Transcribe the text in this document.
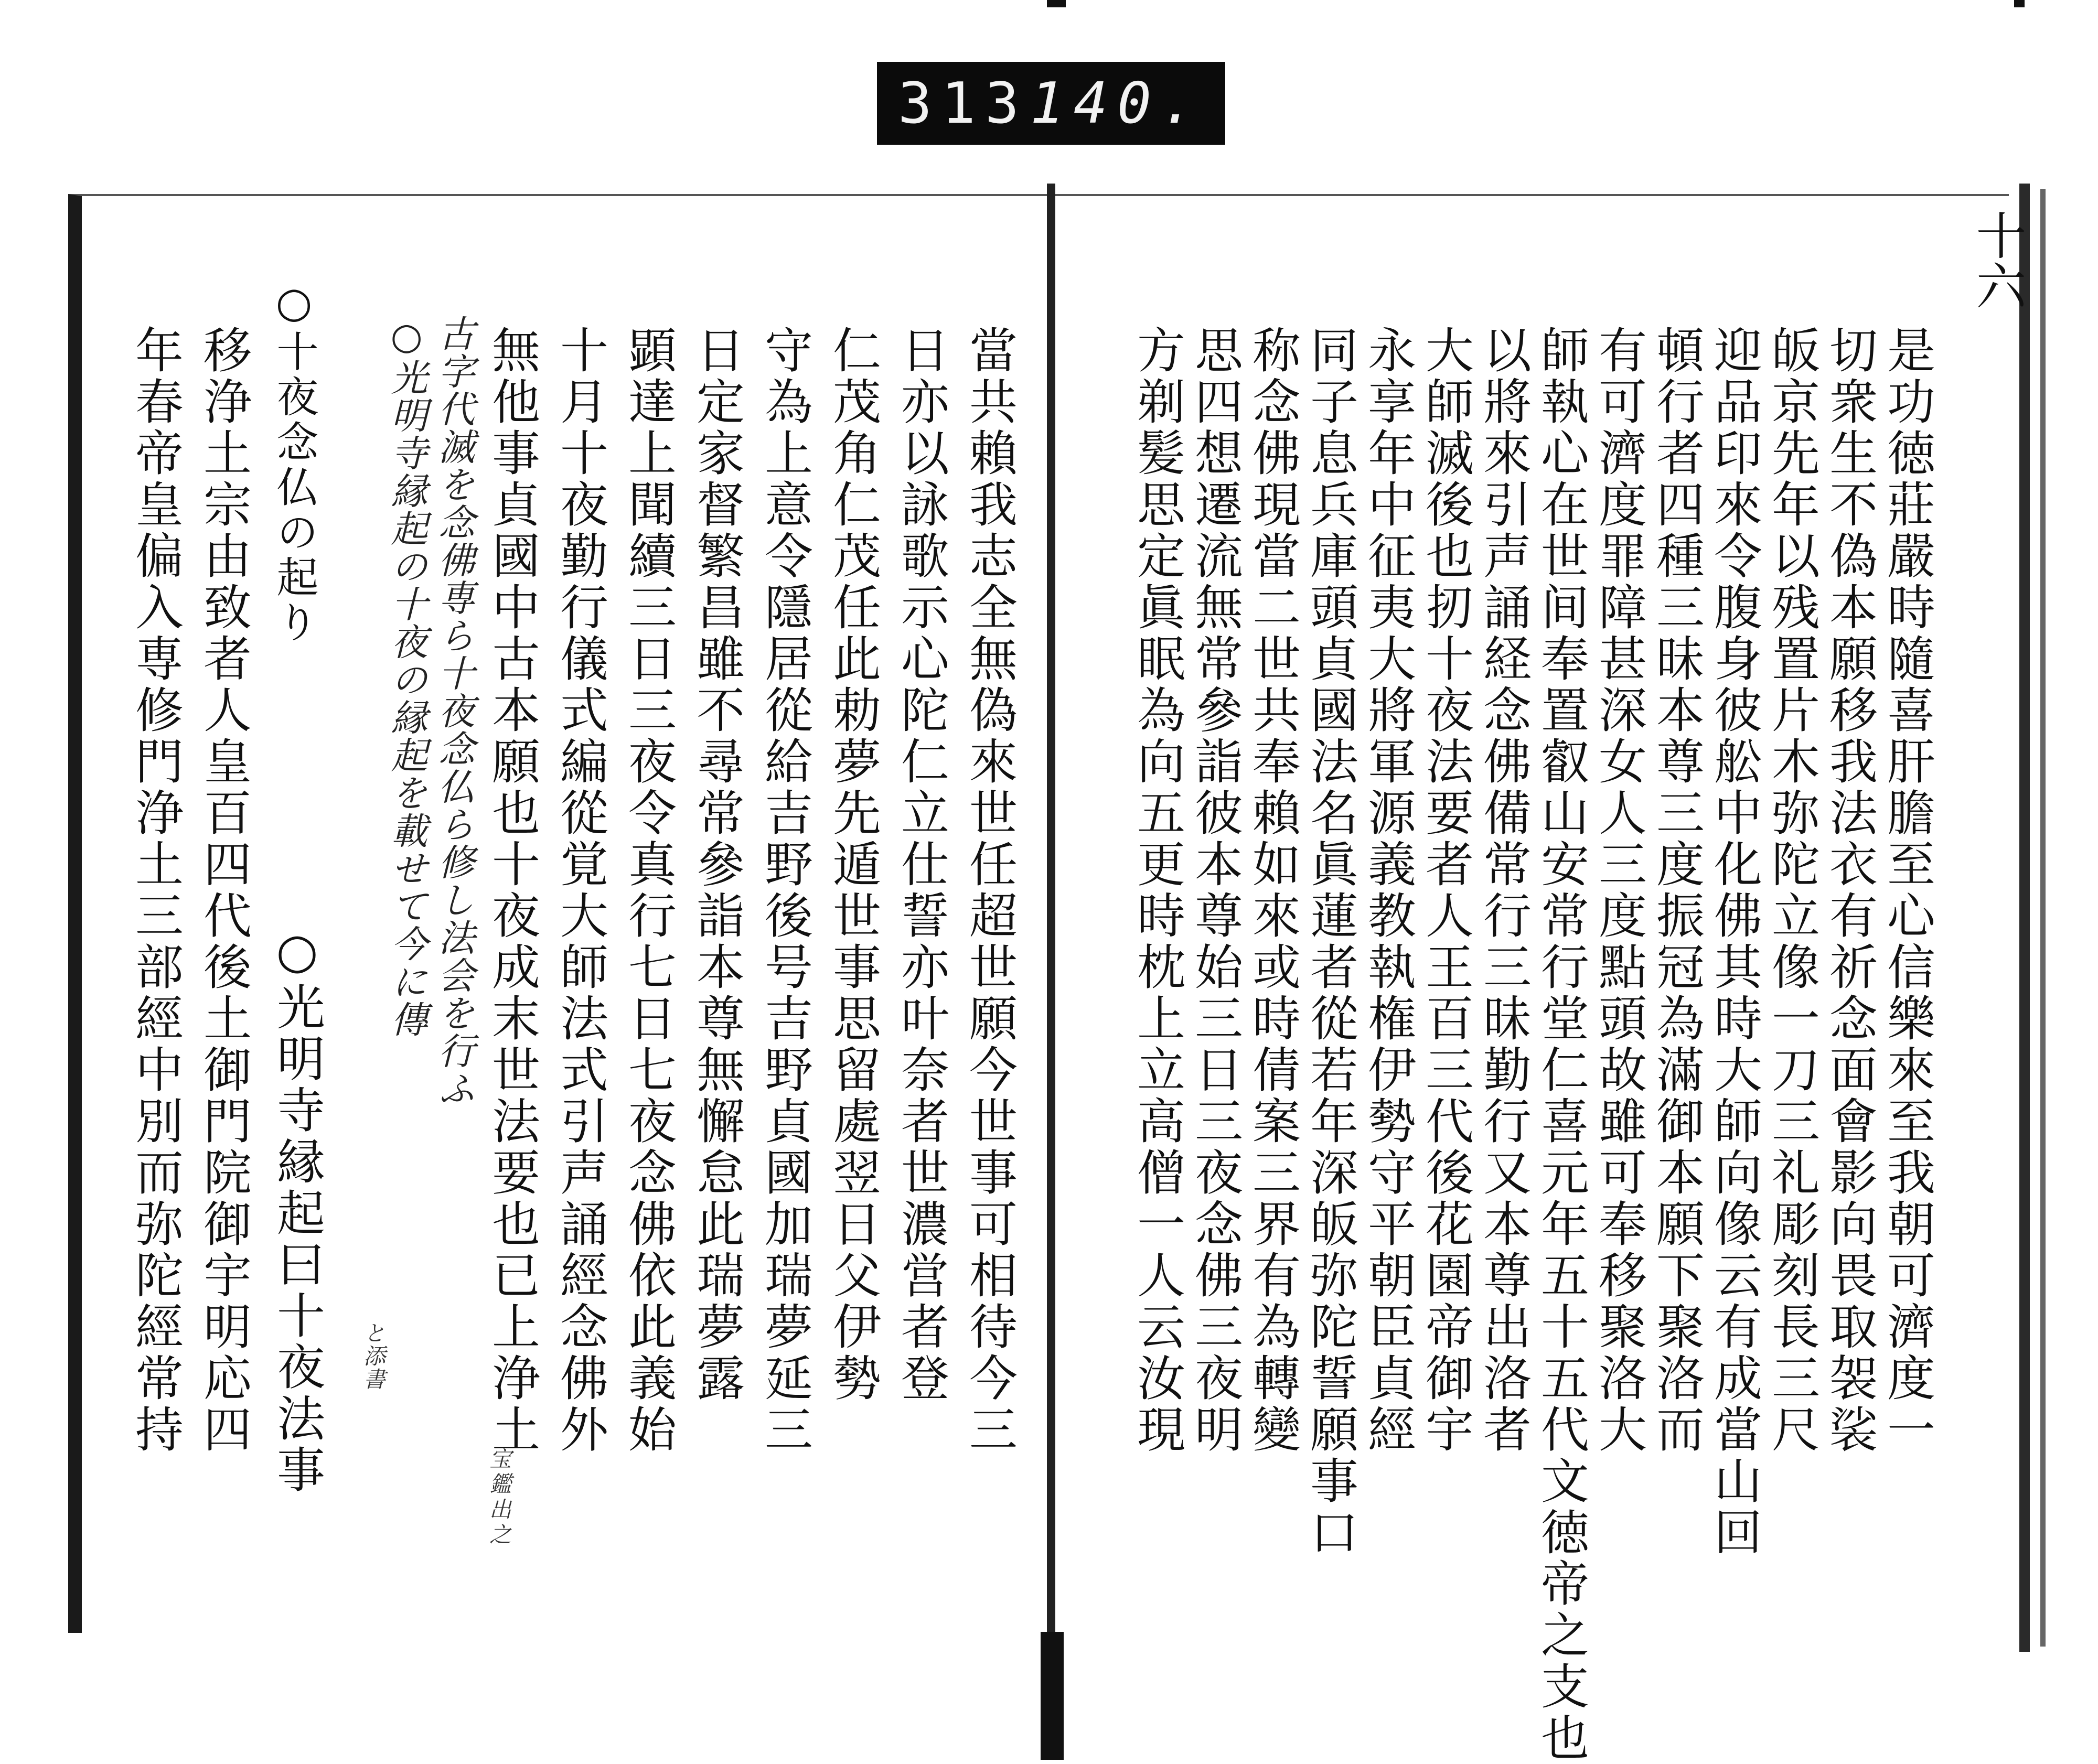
313 140.
十六
是功徳莊嚴時隨喜肝膽至心信樂來至我朝可濟度一
切衆生不偽本願移我法衣有祈念面會影向畏取袈裟
皈京先年以残置片木弥陀立像一刀三礼彫刻長三尺
迎品印來令腹身彼舩中化佛其時大師向像云有成當山回
頓行者四種三昧本尊三度振冠為滿御本願下聚洛而
有可濟度罪障甚深女人三度點頭故雖可奉移聚洛大
師執心在世间奉置叡山安常行堂仁喜元年五十五代文徳帝之支也
以將來引声誦経念佛備常行三昧勤行又本尊出洛者
大師滅後也扨十夜法要者人王百三代後花園帝御宇
永享年中征夷大將軍源義教執権伊勢守平朝臣貞經
同子息兵庫頭貞國法名眞蓮者從若年深皈弥陀誓願事口
称念佛現當二世共奉賴如來或時倩案三界有為轉變
思四想遷流無常參詣彼本尊始三日三夜念佛三夜明
方剃髪思定眞眠為向五更時枕上立高僧一人云汝現
當共賴我志全無偽來世任超世願今世事可相待今三
日亦以詠歌示心陀仁立仕誓亦叶奈者世濃営者登
仁茂角仁茂任此勅夢先遁世事思留處翌日父伊勢
守為上意令隱居從給吉野後号吉野貞國加瑞夢延三
日定家督繁昌雖不尋常參詣本尊無懈怠此瑞夢露
顕達上聞續三日三夜令真行七日七夜念佛依此義始
十月十夜勤行儀式編從覚大師法式引声誦經念佛外
無他事貞國中古本願也十夜成末世法要也已上浄土
宝鑑出之
古字代滅を念佛専ら十夜念仏ら修し法会を行ふ
○光明寺縁起の十夜の縁起を載せて今に傳
と添書
○十夜念仏の起り
○光明寺縁起曰十夜法事
移浄土宗由致者人皇百四代後土御門院御宇明応四
年春帝皇偏入専修門浄土三部經中別而弥陀經常持
